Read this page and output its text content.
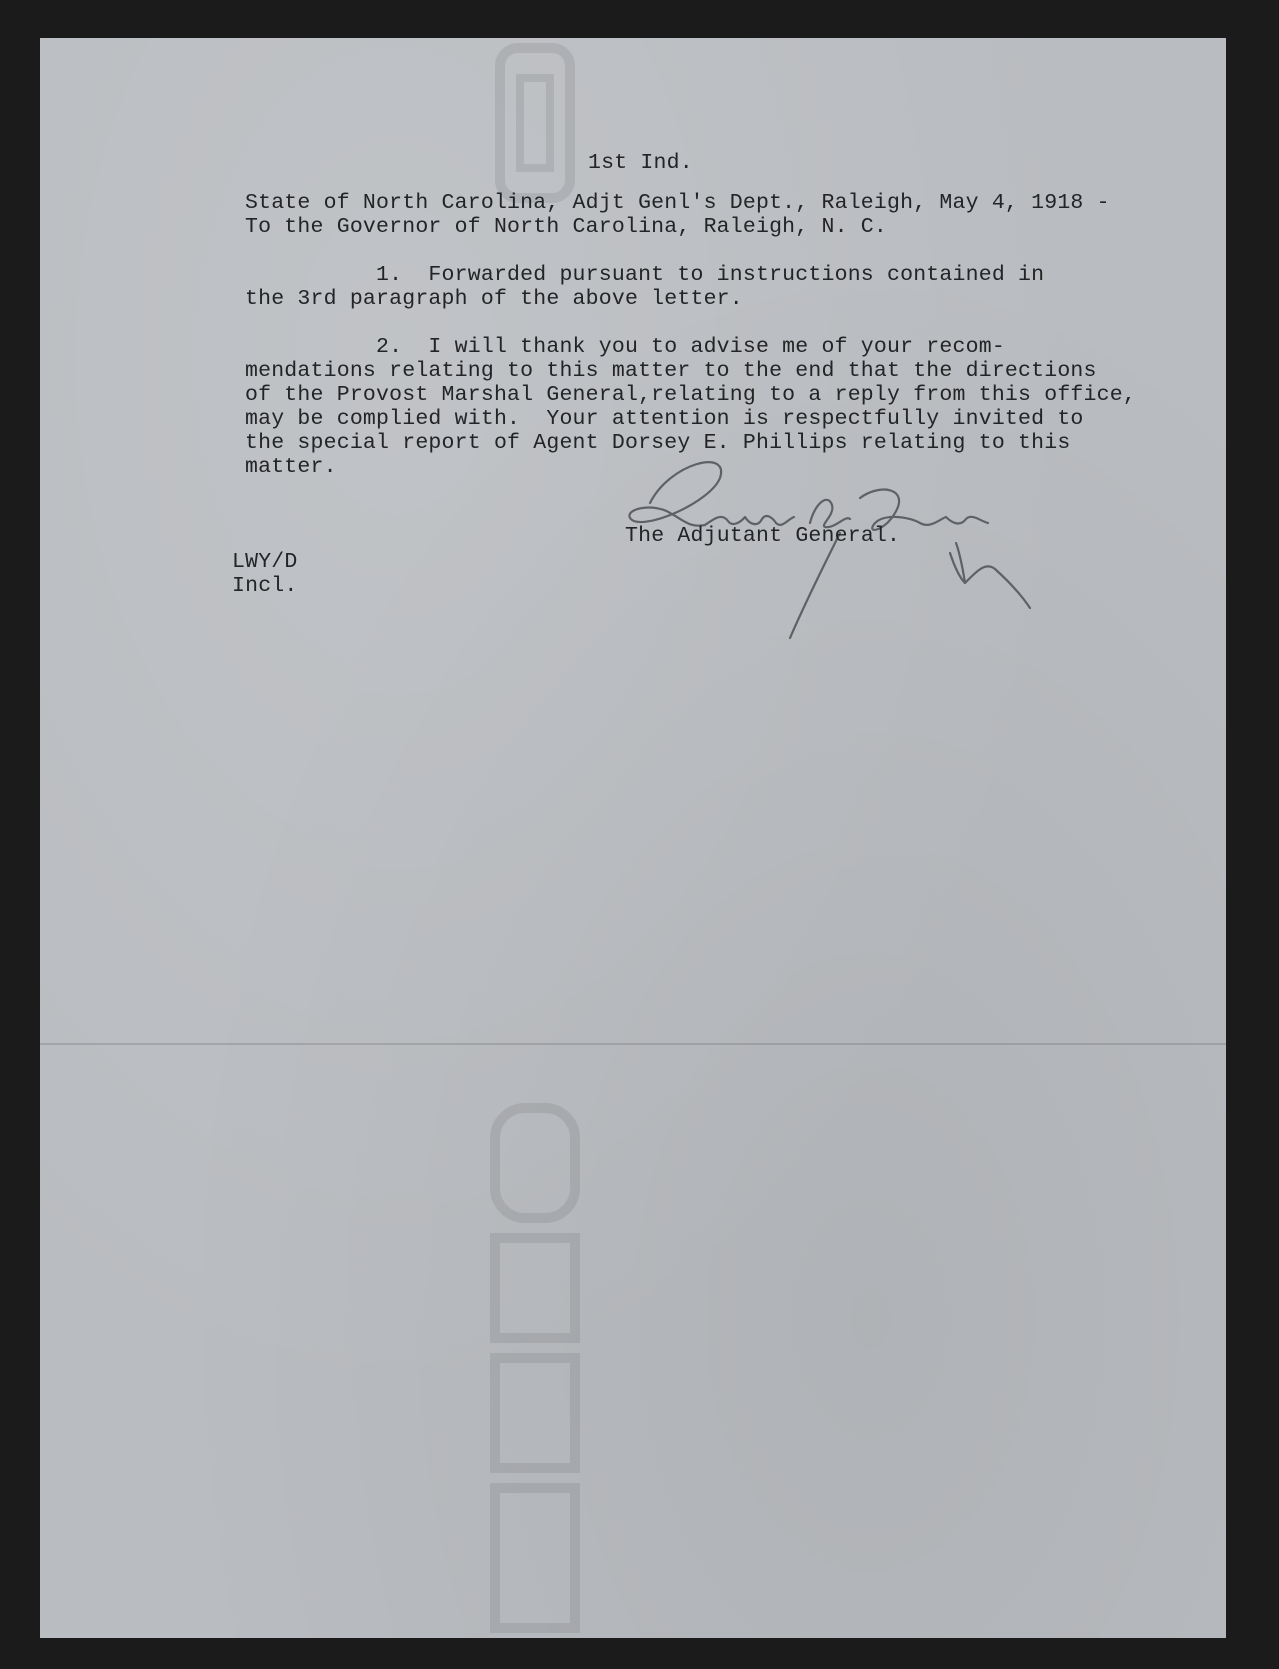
1st Ind.
State of North Carolina, Adjt Genl's Dept., Raleigh, May 4, 1918 -
To the Governor of North Carolina, Raleigh, N. C.
1.  Forwarded pursuant to instructions contained in
the 3rd paragraph of the above letter.
2.  I will thank you to advise me of your recom-
mendations relating to this matter to the end that the directions
of the Provost Marshal General,relating to a reply from this office,
may be complied with.  Your attention is respectfully invited to
the special report of Agent Dorsey E. Phillips relating to this
matter.
The Adjutant General.
LWY/D
Incl.
